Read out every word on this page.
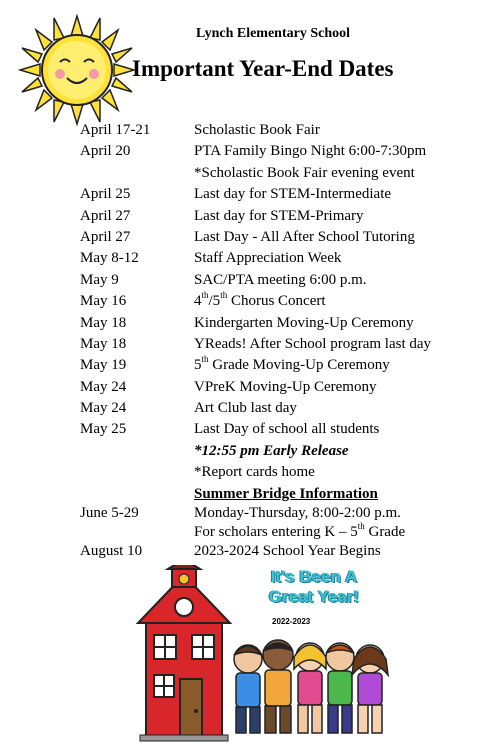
Lynch Elementary School
Important Year-End Dates
April 17-21	Scholastic Book Fair
April 20	PTA Family Bingo Night 6:00-7:30pm
*Scholastic Book Fair evening event
April 25	Last day for STEM-Intermediate
April 27	Last day for STEM-Primary
April 27	Last Day - All After School Tutoring
May 8-12	Staff Appreciation Week
May 9	SAC/PTA meeting 6:00 p.m.
May 16	4th/5th Chorus Concert
May 18	Kindergarten Moving-Up Ceremony
May 18	YReads! After School program last day
May 19	5th Grade Moving-Up Ceremony
May 24	VPreK Moving-Up Ceremony
May 24	Art Club last day
May 25	Last Day of school all students
*12:55 pm Early Release
*Report cards home
Summer Bridge Information
June 5-29	Monday-Thursday, 8:00-2:00 p.m.
For scholars entering K – 5th Grade
August 10	2023-2024 School Year Begins
It's Been A
Great Year!
2022-2023
